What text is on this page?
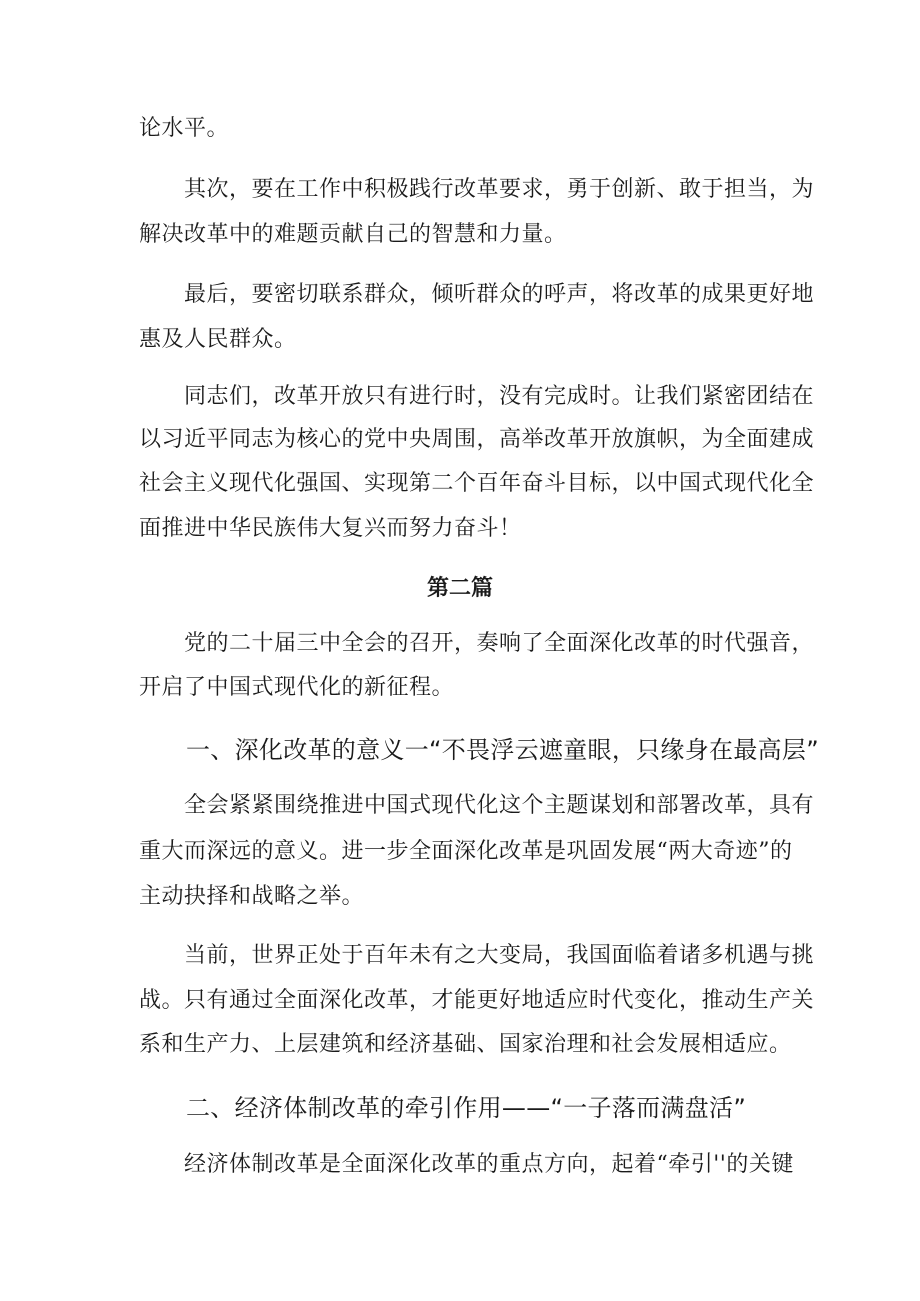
论水平。
其次，要在工作中积极践行改革要求，勇于创新、敢于担当，为
解决改革中的难题贡献自己的智慧和力量。
最后，要密切联系群众，倾听群众的呼声，将改革的成果更好地
惠及人民群众。
同志们，改革开放只有进行时，没有完成时。让我们紧密团结在
以习近平同志为核心的党中央周围，高举改革开放旗帜，为全面建成
社会主义现代化强国、实现第二个百年奋斗目标，以中国式现代化全
面推进中华民族伟大复兴而努力奋斗！
第二篇
党的二十届三中全会的召开，奏响了全面深化改革的时代强音，
开启了中国式现代化的新征程。
一、深化改革的意义一“不畏浮云遮童眼，只缘身在最高层”
全会紧紧围绕推进中国式现代化这个主题谋划和部署改革，具有
重大而深远的意义。进一步全面深化改革是巩固发展“两大奇迹”的
主动抉择和战略之举。
当前，世界正处于百年未有之大变局，我国面临着诸多机遇与挑
战。只有通过全面深化改革，才能更好地适应时代变化，推动生产关
系和生产力、上层建筑和经济基础、国家治理和社会发展相适应。
二、经济体制改革的牵引作用——“一子落而满盘活”
经济体制改革是全面深化改革的重点方向，起着“牵引''的关键
